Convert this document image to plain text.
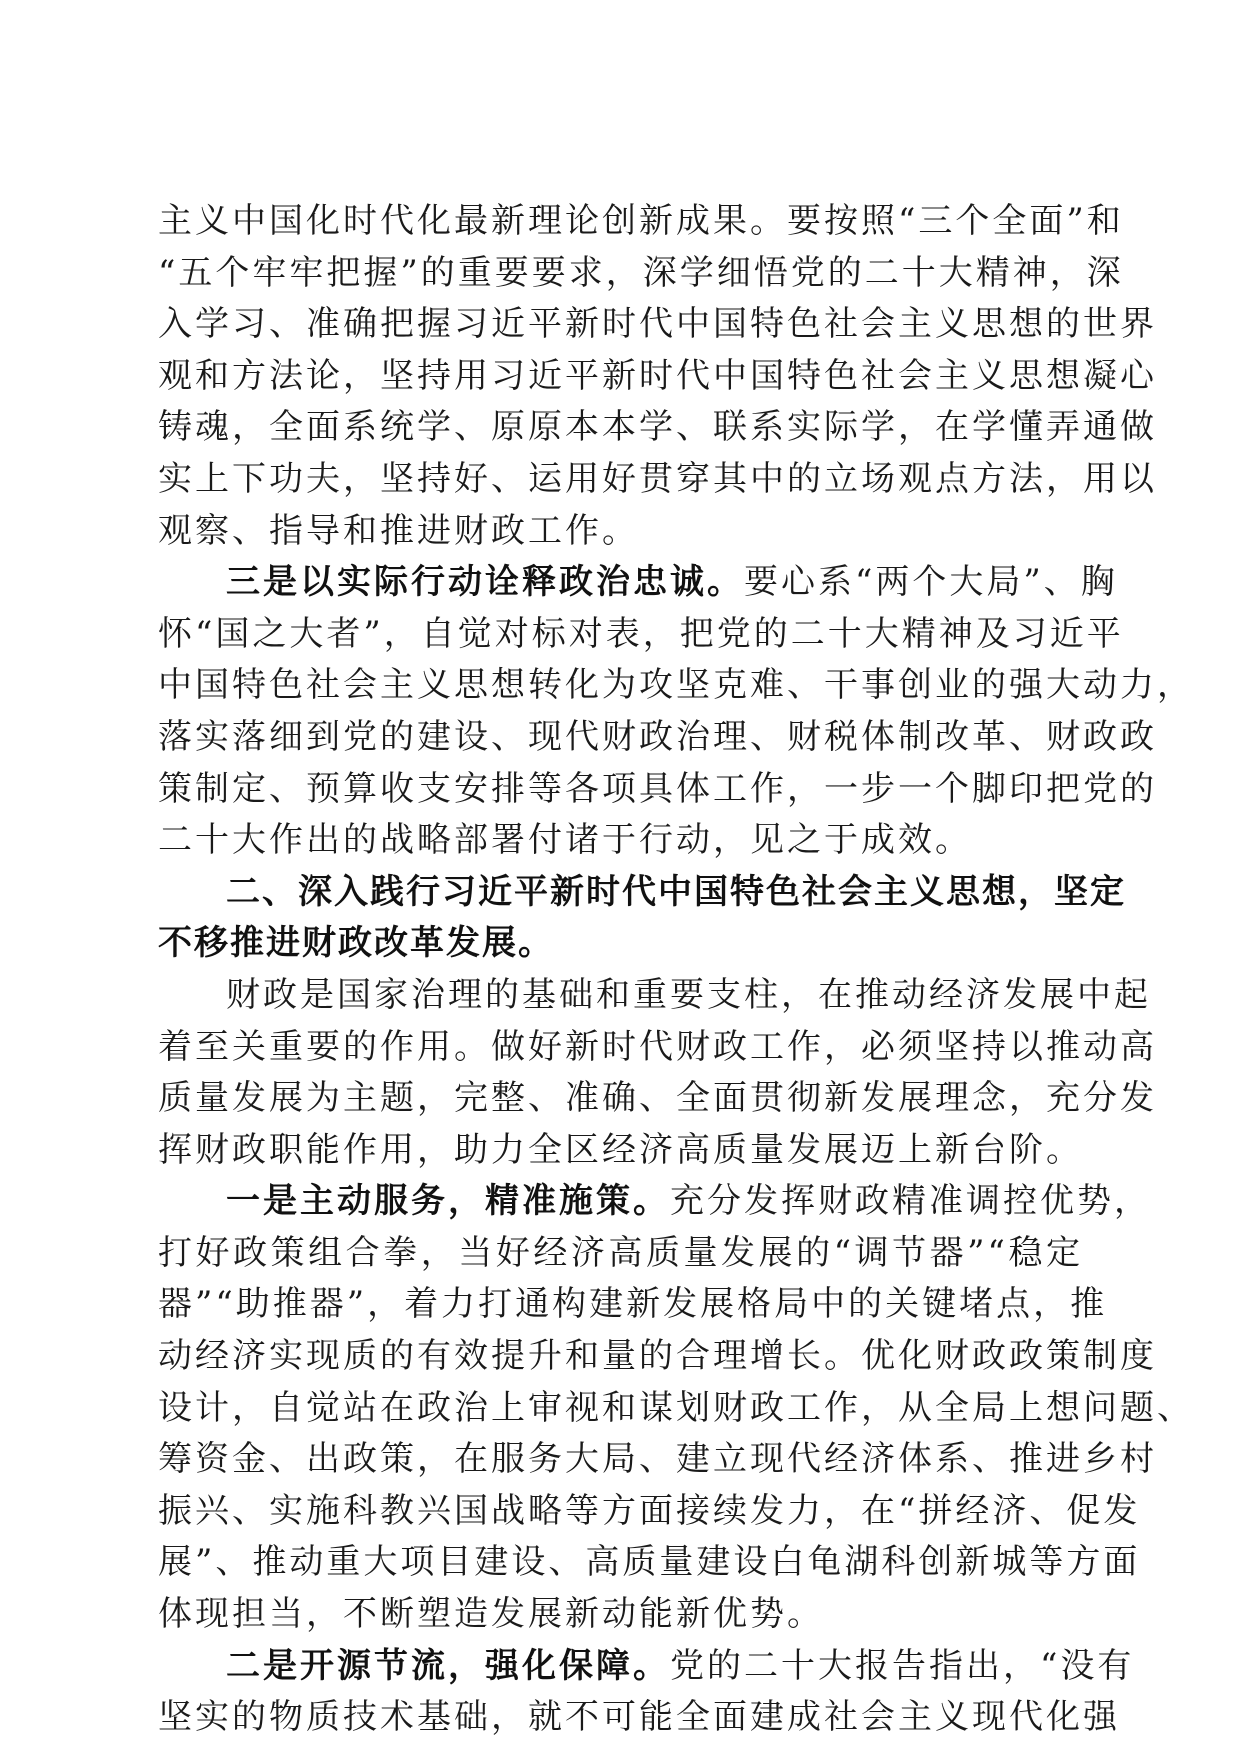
主义中国化时代化最新理论创新成果。要按照“三个全面”和
“五个牢牢把握”的重要要求，深学细悟党的二十大精神，深
入学习、准确把握习近平新时代中国特色社会主义思想的世界
观和方法论，坚持用习近平新时代中国特色社会主义思想凝心
铸魂，全面系统学、原原本本学、联系实际学，在学懂弄通做
实上下功夫，坚持好、运用好贯穿其中的立场观点方法，用以
观察、指导和推进财政工作。
三是以实际行动诠释政治忠诚。要心系“两个大局”、胸
怀“国之大者”，自觉对标对表，把党的二十大精神及习近平
中国特色社会主义思想转化为攻坚克难、干事创业的强大动力，
落实落细到党的建设、现代财政治理、财税体制改革、财政政
策制定、预算收支安排等各项具体工作，一步一个脚印把党的
二十大作出的战略部署付诸于行动，见之于成效。
二、深入践行习近平新时代中国特色社会主义思想，坚定
不移推进财政改革发展。
财政是国家治理的基础和重要支柱，在推动经济发展中起
着至关重要的作用。做好新时代财政工作，必须坚持以推动高
质量发展为主题，完整、准确、全面贯彻新发展理念，充分发
挥财政职能作用，助力全区经济高质量发展迈上新台阶。
一是主动服务，精准施策。充分发挥财政精准调控优势，
打好政策组合拳，当好经济高质量发展的“调节器”“稳定
器”“助推器”，着力打通构建新发展格局中的关键堵点，推
动经济实现质的有效提升和量的合理增长。优化财政政策制度
设计，自觉站在政治上审视和谋划财政工作，从全局上想问题、
筹资金、出政策，在服务大局、建立现代经济体系、推进乡村
振兴、实施科教兴国战略等方面接续发力，在“拼经济、促发
展”、推动重大项目建设、高质量建设白龟湖科创新城等方面
体现担当，不断塑造发展新动能新优势。
二是开源节流，强化保障。党的二十大报告指出，“没有
坚实的物质技术基础，就不可能全面建成社会主义现代化强
